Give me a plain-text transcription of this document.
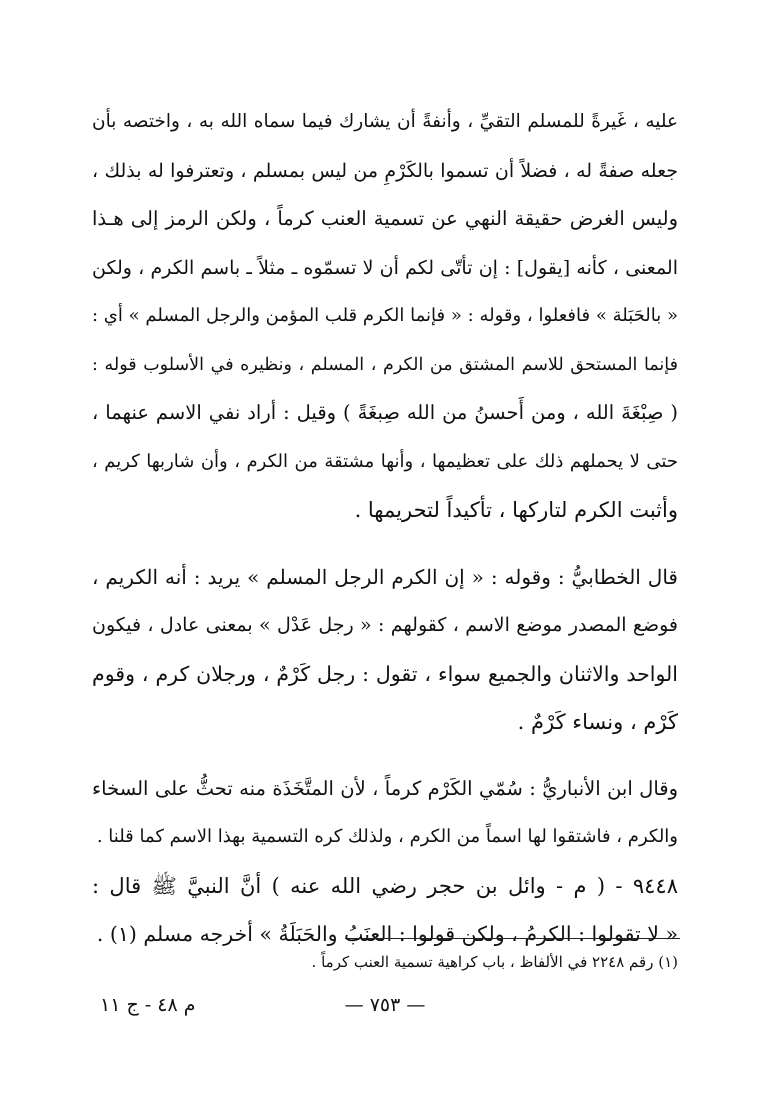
عليه ، غَيرةً للمسلم التقيِّ ، وأنفةً أن يشارك فيما سماه الله به ، واختصه بأن
جعله صفةً له ، فضلاً أن تسموا بالكَرْمِ من ليس بمسلم ، وتعترفوا له بذلك ،
وليس الغرض حقيقة النهي عن تسمية العنب كرماً ، ولكن الرمز إلى هـذا
المعنى ، كأنه [يقول] : إن تأتّى لكم أن لا تسمّوه ـ مثلاً ـ باسم الكرم ، ولكن
« بالحَبَلة » فافعلوا ، وقوله : « فإنما الكرم قلب المؤمن والرجل المسلم » أي :
فإنما المستحق للاسم المشتق من الكرم ، المسلم ، ونظيره في الأسلوب قوله :
( صِبْغَةَ الله ، ومن أَحسنُ من الله صِبغَةً ) وقيل : أراد نفي الاسم عنهما ،
حتى لا يحملهم ذلك على تعظيمها ، وأنها مشتقة من الكرم ، وأن شاربها كريم ،
وأثبت الكرم لتاركها ، تأكيداً لتحريمها .
قال الخطابيُّ : وقوله : « إن الكرم الرجل المسلم » يريد : أنه الكريم ،
فوضع المصدر موضع الاسم ، كقولهم : « رجل عَدْل » بمعنى عادل ، فيكون
الواحد والاثنان والجميع سواء ، تقول : رجل كَرْمٌ ، ورجلان كرم ، وقوم
كَرْم ، ونساء كَرْمٌ .
وقال ابن الأنباريُّ : سُمّي الكَرْم كرماً ، لأن المتَّخَذَة منه تحثُّ على السخاء
والكرم ، فاشتقوا لها اسماً من الكرم ، ولذلك كره التسمية بهذا الاسم كما قلنا .
٩٤٤٨ - ( م - وائل بن حجر رضي الله عنه ) أنَّ النبيَّ ﷺ قال :
« لا تقولوا : الكرمُ ، ولكن قولوا : العنَبُ والحَبَلَةُ » أخرجه مسلم (١) .
(١) رقم ٢٢٤٨ في الألفاظ ، باب كراهية تسمية العنب كرماً .
— ٧٥٣ —
م ٤٨ - ج ١١
